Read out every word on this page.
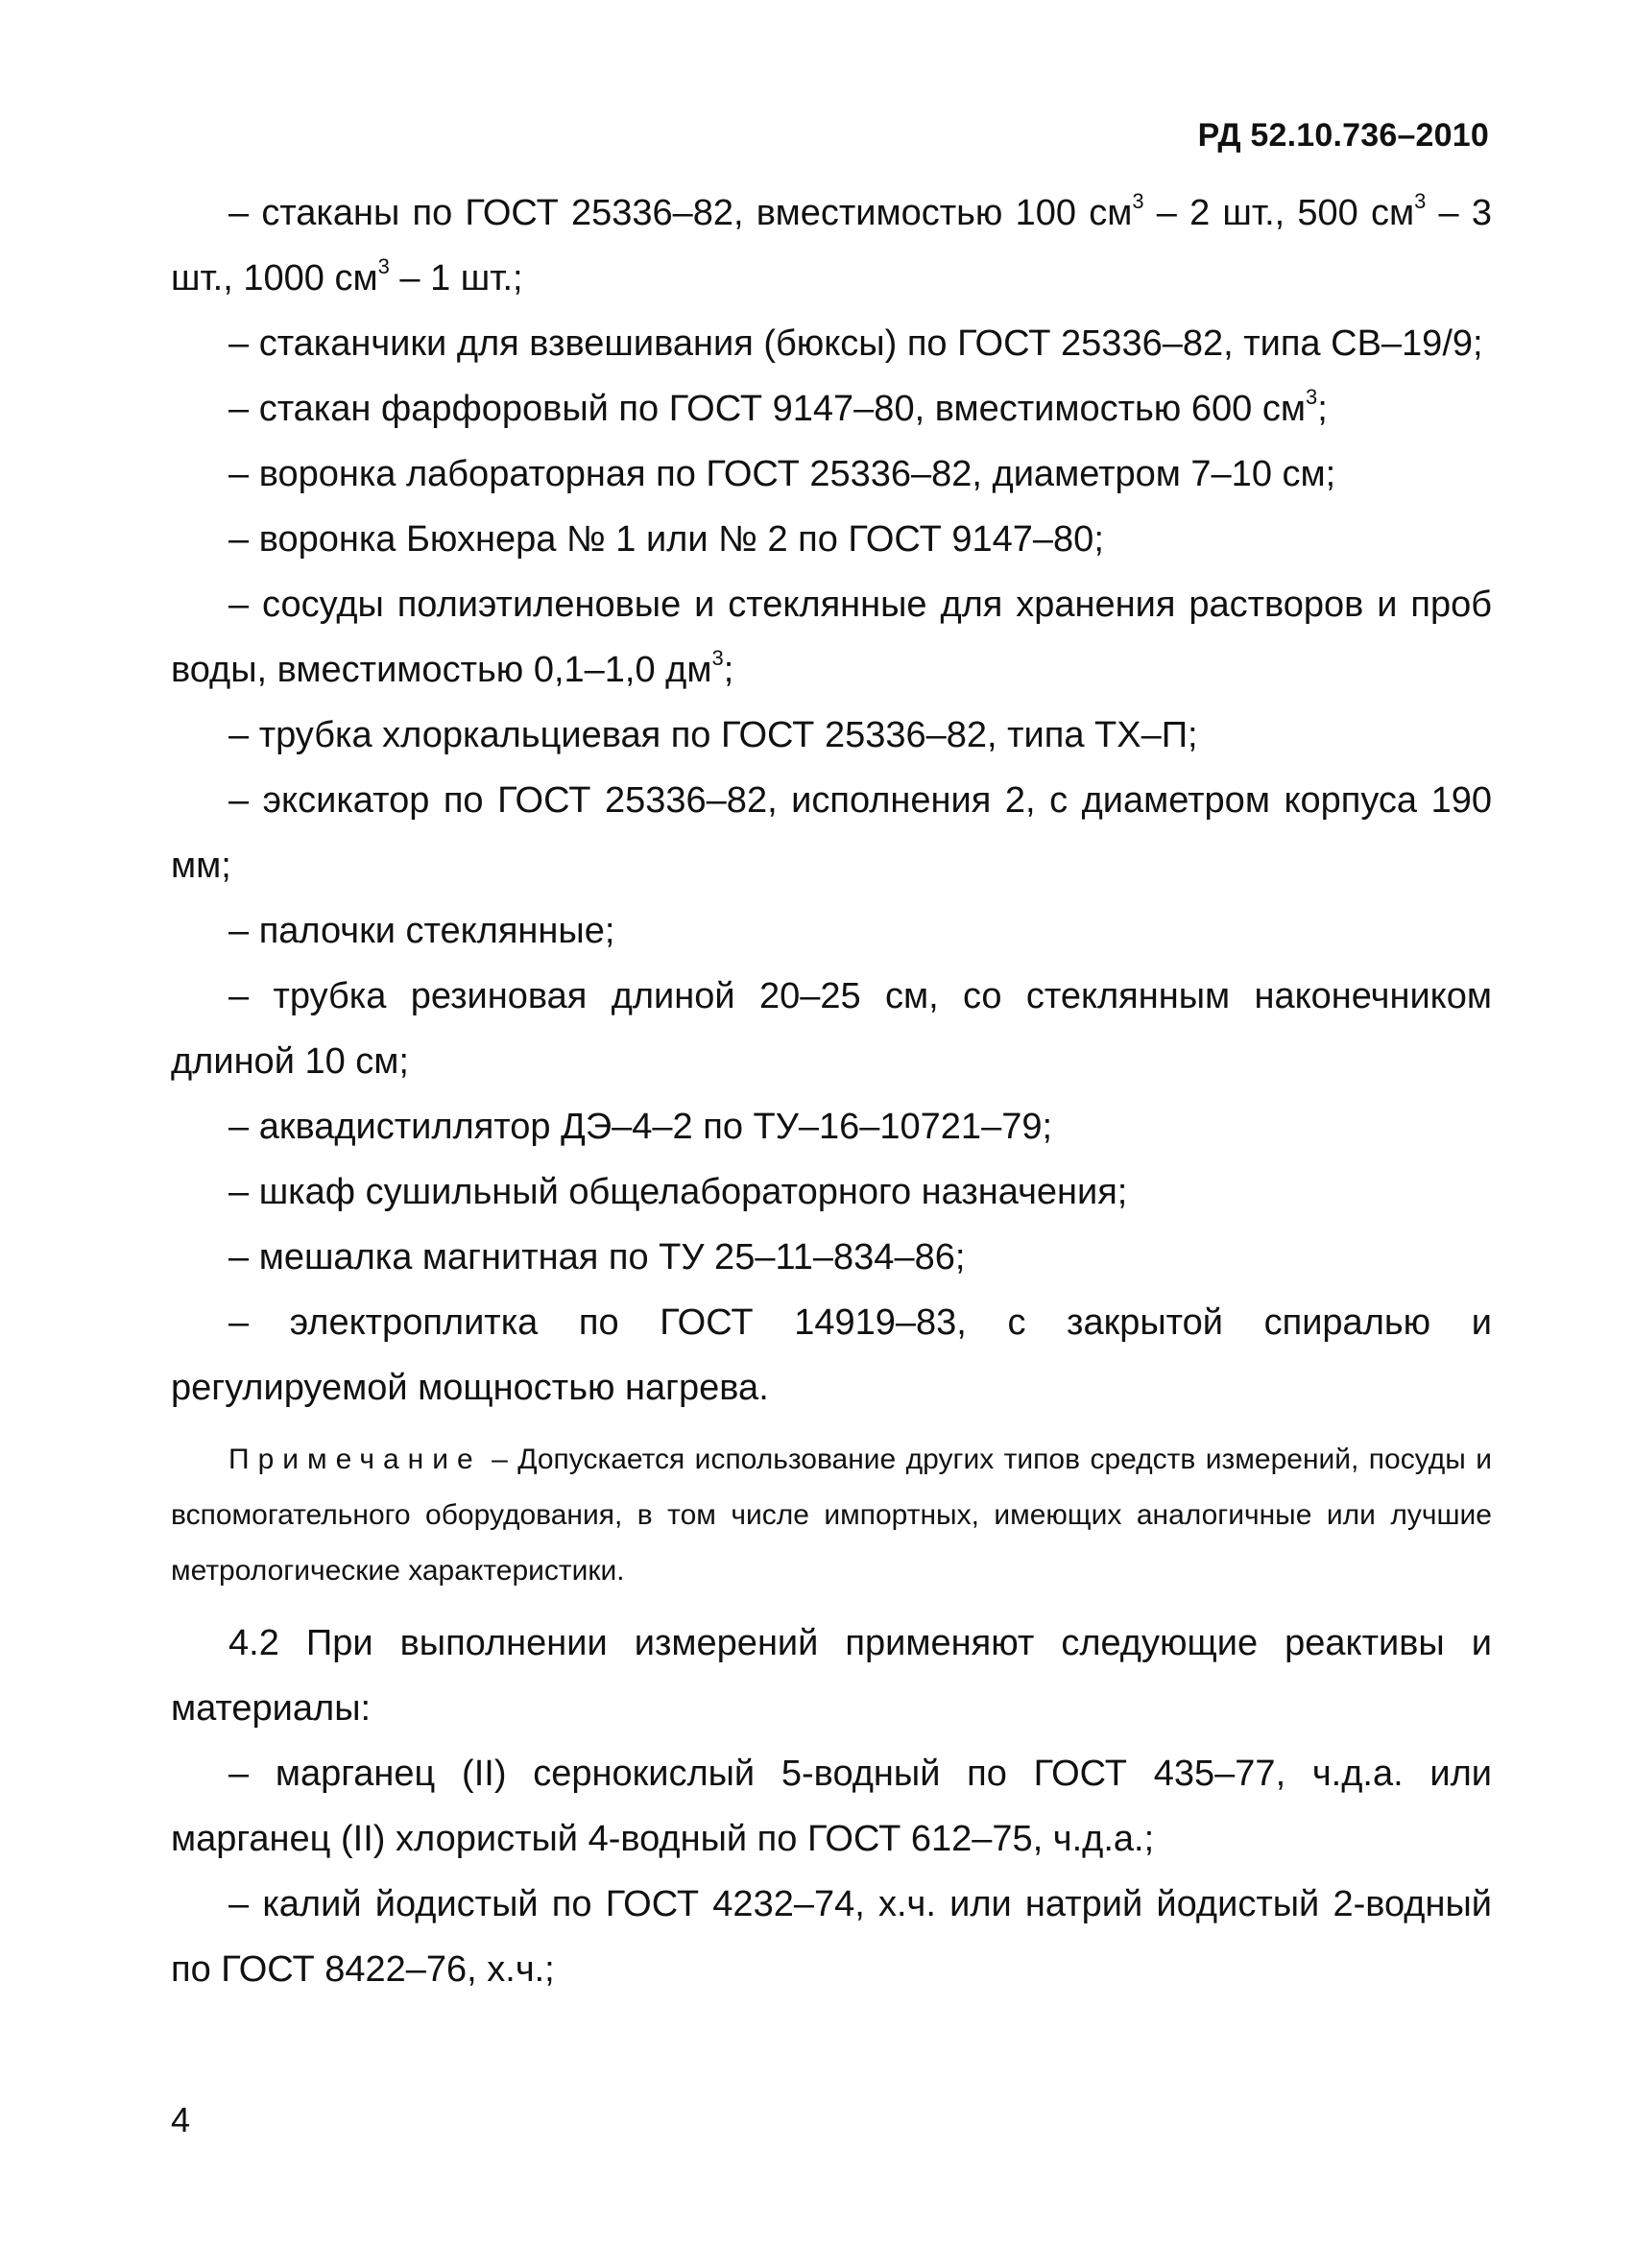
РД 52.10.736–2010

– стаканы по ГОСТ 25336–82, вместимостью 100 $см^3 - 2$ шт., 500 $см^3 - 3$ шт., 1000 $см^3 - 1$ шт.;

– стаканчики для взвешивания (бюксы) по ГОСТ 25336–82, типа СВ–19/9;

– стакан фарфоровый по ГОСТ 9147–80, вместимостью 600 $см^3$;

– воронка лабораторная по ГОСТ 25336–82, диаметром 7–10 см;

– воронка Бюхнера № 1 или № 2 по ГОСТ 9147–80;

– сосуды полиэтиленовые и стеклянные для хранения растворов и проб воды, вместимостью 0,1–1,0 $дм^3$;

– трубка хлоркальциевая по ГОСТ 25336–82, типа ТХ–П;

– эксикатор по ГОСТ 25336–82, исполнения 2, с диаметром корпуса 190 мм;

– палочки стеклянные;

– трубка резиновая длиной 20–25 см, со стеклянным наконечником длиной 10 см;

– аквадистиллятор ДЭ–4–2 по ТУ–16–10721–79;

– шкаф сушильный общелабораторного назначения;

– мешалка магнитная по ТУ 25–11–834–86;

– электроплитка по ГОСТ 14919–83, с закрытой спиралью и регулируемой мощностью нагрева.

Примечание – Допускается использование других типов средств измерений, посуды и вспомогательного оборудования, в том числе импортных, имеющих аналогичные или лучшие метрологические характеристики.

4.2 При выполнении измерений применяют следующие реактивы и материалы:

– марганец (II) сернокислый 5-водный по ГОСТ 435–77, ч.д.а. или марганец (II) хлористый 4-водный по ГОСТ 612–75, ч.д.а.;

– калий йодистый по ГОСТ 4232–74, х.ч. или натрий йодистый 2-водный по ГОСТ 8422–76, х.ч.;

4
